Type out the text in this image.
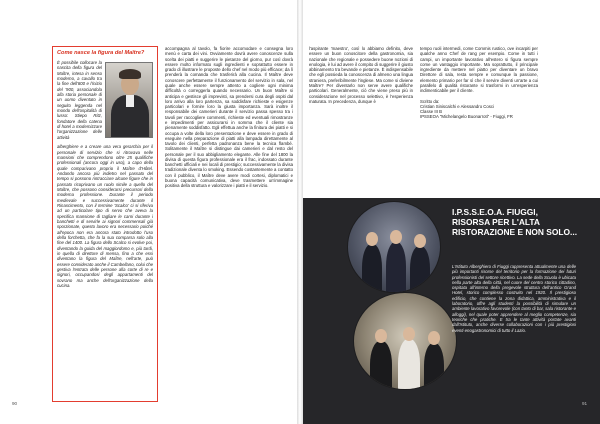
Come nasce la figura del Maître?
È possibile collocare la nascita della figura del Maître, intesa in senso moderno, a cavallo tra la fine dell'800 e l'inizio del '900, associandola alla storia personale di un uomo diventato in seguito leggenda nel mondo dell'ospitalità di lusso: Stiepo Ritz, fondatore della catena di hotel a modernizzare l'organizzazione delle attività
alberghiere e a creare una vera gerarchia per il personale di servizio che si ritrovava nelle mansioni che comprendono oltre 25 qualifiche professionali (ancora oggi in uso), a capo della quale comparivano proprio il Maître d'Hôtel. Andando ancora più indietro nel passato del tempo si possono rintracciare alcune figure che in passato ricoprivano un ruolo simile a quello del Maître, che possono considerarsi precursori della moderna professione. Durante il periodo medievale e successivamente durante il Rinascimento, con il termine 'Scalco' ci si riferiva ad un particolare tipo di servo che aveva la specifica mansione di tagliare le carni durante i banchetti e di servirle ai signori commensali già sporzionate, questo lavoro era necessario poiché all'epoca non era ancora stato introdotto l'uso della forchetta, che fa la sua comparsa solo alla fine del 1400. La figura dello Scalco si evolve poi, diventando la guida del maggiordomo e, più tardi, in quella di direttore di mensa, fino a che essi diventano la figura del Maître, nell'arte, può essere considerato anche il Cambellano, colui che gestiva l'entrata delle persone alla corte di re e signori, occupandosi degli appartamenti del sovrano ma anche dell'organizzazione della cucina.
accompagna al tavolo, fa fiorire accomodare e consegna loro menù e carta dei vini. Ovviamente dovrà avere conoscenze sulla scelta dei piatti e suggerire le pietanze del giorno, pur così dovrà essere molto informato sugli ingredienti e soprattutto essere in grado di illustrare le proposte dello chef nel modo più efficace; da lì prenderà la comanda che trasferirà alla cucina. Il Maître deve conoscere perfettamente il funzionamento del servizio in sala, nel quale anche essere sempre attento a cogliere ogni minima difficoltà o correggerla quando necessario. Un buon Maître si anticipa e gestisce gli imprevisti, sa prendersi cura degli ospiti dal loro arrivo alla loro partenza, sa soddisfare richieste e esigenze particolari e fornire loro la giusta importanza. Sarà inoltre il responsabile dei camerieri durante il servizio passa spesso tra i tavoli per raccogliere commenti, richieste ed eventuali rimostranze e impedimenti per assicurarsi in somma che il cliente sia pienamente soddisfatto. Egli effettua anche la finitura dei piatti e si occupa a volte della loro presentazione e deve essere in grado di eseguire nella preparazione di piatti alla lampada direttamente al tavolo dei clienti, perfetta padronanza bene la tecnica flambé. Solitamente il Maître si distingue dai camerieri e dal resto del personale per il suo abbigliamento elegante. Alle fine del 1800 la divisa di questa figura professionale era il frac, indossato durante banchetti ufficiali e nei locali di prestigio; successivamente la divisa tradizionale diventa lo smoking. Essendo costantemente a contatto con il pubblico, il Maître deve avere modi cortesi, diplomatici e buona capacità comunicativa, deve trasmettere un'immagine positiva della struttura e valorizzare i piatti e il servizio.
90
l'aspirante 'maestro', così lo abbiamo definito, deve essere un buon conoscitore della gastronomia, sia nazionale che regionale e possedere buone nozioni di enologia, è lui ad avere il compito di suggerire il giusto abbinamento tra bevande e pietanze. È indispensabile che egli possieda la conoscenza di almeno una lingua straniera, preferibilmente l'inglese. Ma come si diviene Maître? Per diventarlo non serve avere qualifiche particolari. Generalmente, ciò che viene preso più in considerazione nel processo selettivo, è l'esperienza maturata. In precedenza, dunque è
tempo ruoli intermedi, come Commis rustico, ove incarpiti per qualche anno Chef de rang per esempio. Come in tutti i campi, un importante lavorativo all'estero si figura sempre come un vantaggio importante. Ma soprattutto, il principale ingrediente da mettere nel piatto per diventare un bravo Direttore di sala, resta sempre e comunque la passione, elemento primario per far sì che il servire diventi un'arte a cui parallelo di qualità ristorante si trasformi in un'esperienza indimenticabile per il cliente.
Scritto da:
Cristian Siniscalchi e Alessandro Cosci
Classe III B
IPSSEOA "Michelangelo Buonarroti" - Fiuggi, FR
I.P.S.S.E.O.A. FIUGGI, RISORSA PER L'ALTA RISTORAZIONE E NON SOLO...
L'Istituto Alberghiero di Fiuggi rappresenta attualmente una delle più importanti risorse del territorio per la formazione dei futuri professionisti del settore ricettivo. La sede della Scuola è ubicata nella parte alta della città, nel cuore del centro storico cittadino, ospitata all'interno della pregevole struttura dell'antico Grand Hotel, storico complesso costruito nel 1920. Il prestigioso edificio, che contiene la zona didattica, amministrativa e il laboratorio, offre agli studenti la possibilità di simulare un ambiente lavorativo favorevole (con tanto di bar, sala ristorante e alloggi), nel quale poter apprendere al meglio competenze, sia teoriche che pratiche. E tra le tante attività portate avanti dall'Istituto, anche diverse collaborazioni con i più prestigiosi eventi enogastronomici di tutto il Lazio.
91
